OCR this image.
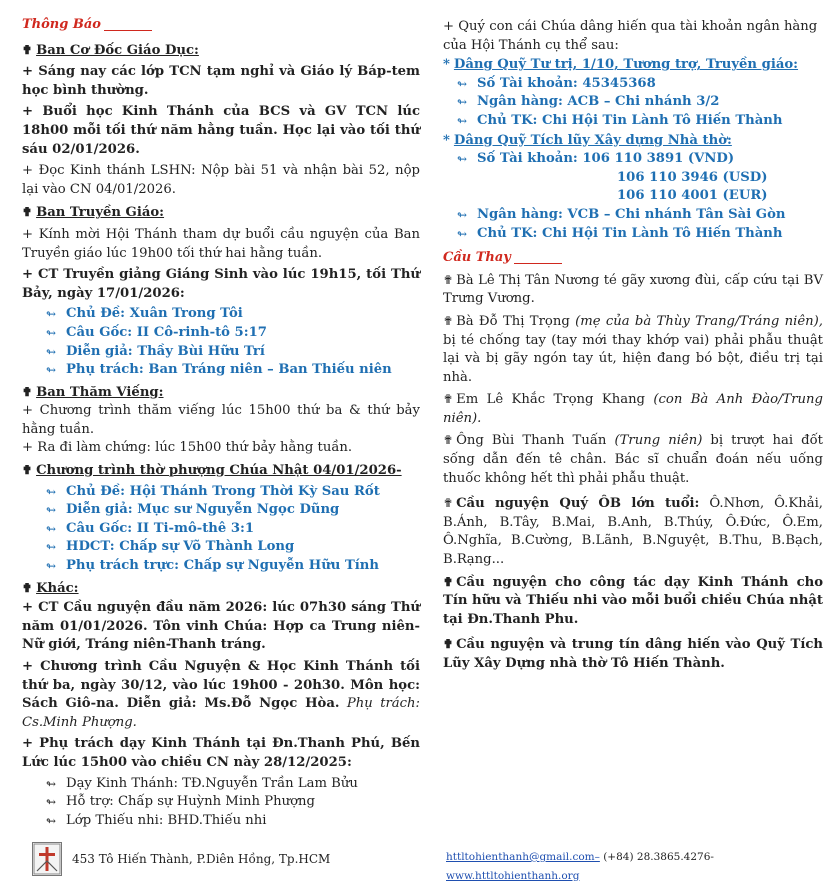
Thông Báo

✟ Ban Cơ Đốc Giáo Dục:

+ Sáng nay các lớp TCN tạm nghỉ và Giáo lý Báp-tem học bình thường.

+ Buổi học Kinh Thánh của BCS và GV TCN lúc 18h00 mỗi tối thứ năm hằng tuần. Học lại vào tối thứ sáu 02/01/2026.

+ Đọc Kinh thánh LSHN: Nộp bài 51 và nhận bài 52, nộp lại vào CN 04/01/2026.

✟ Ban Truyền Giáo:

+ Kính mời Hội Thánh tham dự buổi cầu nguyện của Ban Truyền giáo lúc 19h00 tối thứ hai hằng tuần.

+ CT Truyền giảng Giáng Sinh vào lúc 19h15, tối Thứ Bảy, ngày 17/01/2026:

↬ Chủ Đề: Xuân Trong Tôi
↬ Câu Gốc: II Cô-rinh-tô 5:17
↬ Diễn giả: Thầy Bùi Hữu Trí
↬ Phụ trách: Ban Tráng niên – Ban Thiếu niên

✟ Ban Thăm Viếng:

+ Chương trình thăm viếng lúc 15h00 thứ ba & thứ bảy hằng tuần.

+ Ra đi làm chứng: lúc 15h00 thứ bảy hằng tuần.

✟ Chương trình thờ phượng Chúa Nhật 04/01/2026-

↬ Chủ Đề: Hội Thánh Trong Thời Kỳ Sau Rốt
↬ Diễn giả: Mục sư Nguyễn Ngọc Dũng
↬ Câu Gốc: II Ti-mô-thê 3:1
↬ HDCT: Chấp sự Võ Thành Long
↬ Phụ trách trực: Chấp sự Nguyễn Hữu Tính

✟ Khác:

+ CT Cầu nguyện đầu năm 2026: lúc 07h30 sáng Thứ năm 01/01/2026. Tôn vinh Chúa: Hợp ca Trung niên-Nữ giới, Tráng niên-Thanh tráng.

+ Chương trình Cầu Nguyện & Học Kinh Thánh tối thứ ba, ngày 30/12, vào lúc 19h00 - 20h30. Môn học: Sách Giô-na. Diễn giả: Ms.Đỗ Ngọc Hòa. Phụ trách: Cs.Minh Phượng.

+ Phụ trách dạy Kinh Thánh tại Đn.Thanh Phú, Bến Lức lúc 15h00 vào chiều CN này 28/12/2025:

↬ Dạy Kinh Thánh: TĐ.Nguyễn Trần Lam Bửu
↬ Hỗ trợ: Chấp sự Huỳnh Minh Phượng
↬ Lớp Thiếu nhi: BHD.Thiếu nhi

+ Quý con cái Chúa dâng hiến qua tài khoản ngân hàng của Hội Thánh cụ thể sau:

* Dâng Quỹ Tư trị, 1/10, Tương trợ, Truyền giáo:

↬ Số Tài khoản: 45345368
↬ Ngân hàng: ACB – Chi nhánh 3/2
↬ Chủ TK: Chi Hội Tin Lành Tô Hiến Thành

* Dâng Quỹ Tích lũy Xây dựng Nhà thờ:

↬ Số Tài khoản: 106 110 3891 (VND)
106 110 3946 (USD)
106 110 4001 (EUR)
↬ Ngân hàng: VCB – Chi nhánh Tân Sài Gòn
↬ Chủ TK: Chi Hội Tin Lành Tô Hiến Thành
Cầu Thay

✟ Bà Lê Thị Tân Nương té gãy xương đùi, cấp cứu tại BV Trưng Vương.

✟ Bà Đỗ Thị Trọng (mẹ của bà Thùy Trang/Tráng niên), bị té chống tay (tay mới thay khớp vai) phải phẫu thuật lại và bị gãy ngón tay út, hiện đang bó bột, điều trị tại nhà.

✟ Em Lê Khắc Trọng Khang (con Bà Anh Đào/Trung niên).

✟ Ông Bùi Thanh Tuấn (Trung niên) bị trượt hai đốt sống dẫn đến tê chân. Bác sĩ chuẩn đoán nếu uống thuốc không hết thì phải phẫu thuật.

✟ Cầu nguyện Quý ÔB lớn tuổi: Ô.Nhơn, Ô.Khải, B.Ánh, B.Tây, B.Mai, B.Anh, B.Thúy, Ô.Đức, Ô.Em, Ô.Nghĩa, B.Cường, B.Lãnh, B.Nguyệt, B.Thu, B.Bạch, B.Rạng...

✟ Cầu nguyện cho công tác dạy Kinh Thánh cho Tín hữu và Thiếu nhi vào mỗi buổi chiều Chúa nhật tại Đn.Thanh Phu.

✟ Cầu nguyện và trung tín dâng hiến vào Quỹ Tích Lũy Xây Dựng nhà thờ Tô Hiến Thành.

453 Tô Hiến Thành, P.Diên Hồng, Tp.HCM	httltohienthanh@gmail.com– (+84) 28.3865.4276-www.httltohienthanh.org
